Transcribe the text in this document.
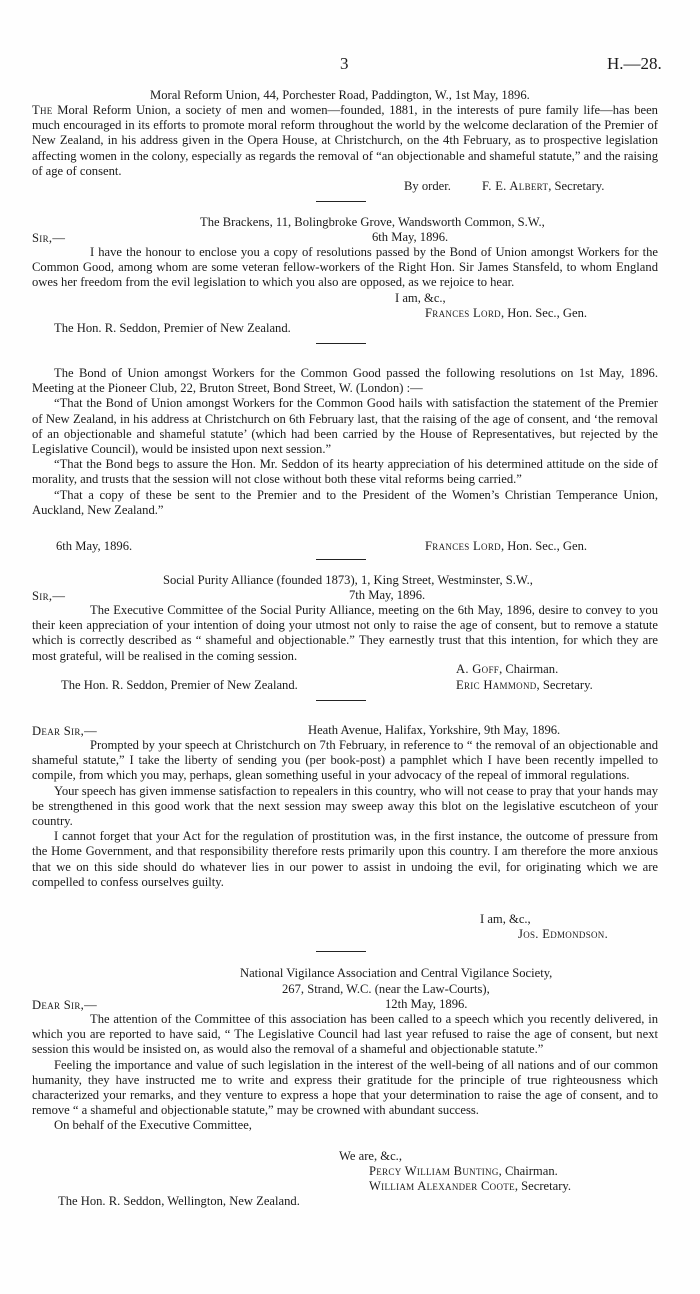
3	H.—28.
Moral Reform Union, 44, Porchester Road, Paddington, W., 1st May, 1896.

The Moral Reform Union, a society of men and women—founded, 1881, in the interests of pure family life—has been much encouraged in its efforts to promote moral reform throughout the world by the welcome declaration of the Premier of New Zealand, in his address given in the Opera House, at Christchurch, on the 4th February, as to prospective legislation affecting women in the colony, especially as regards the removal of “an objectionable and shameful statute,” and the raising of age of consent.

By order. F. E. Albert, Secretary.
The Brackens, 11, Bolingbroke Grove, Wandsworth Common, S.W.,
Sir,—	6th May, 1896.

I have the honour to enclose you a copy of resolutions passed by the Bond of Union amongst Workers for the Common Good, among whom are some veteran fellow-workers of the Right Hon. Sir James Stansfeld, to whom England owes her freedom from the evil legislation to which you also are opposed, as we rejoice to hear.

I am, &c.,
Frances Lord, Hon. Sec., Gen.
The Hon. R. Seddon, Premier of New Zealand.

The Bond of Union amongst Workers for the Common Good passed the following resolutions on 1st May, 1896. Meeting at the Pioneer Club, 22, Bruton Street, Bond Street, W. (London) :—

“That the Bond of Union amongst Workers for the Common Good hails with satisfaction the statement of the Premier of New Zealand, in his address at Christchurch on 6th February last, that the raising of the age of consent, and ‘the removal of an objectionable and shameful statute’ (which had been carried by the House of Representatives, but rejected by the Legislative Council), would be insisted upon next session.”

“That the Bond begs to assure the Hon. Mr. Seddon of its hearty appreciation of his determined attitude on the side of morality, and trusts that the session will not close without both these vital reforms being carried.”

“That a copy of these be sent to the Premier and to the President of the Women’s Christian Temperance Union, Auckland, New Zealand.”

6th May, 1896.	Frances Lord, Hon. Sec., Gen.
Social Purity Alliance (founded 1873), 1, King Street, Westminster, S.W.,
Sir,—	7th May, 1896.

The Executive Committee of the Social Purity Alliance, meeting on the 6th May, 1896, desire to convey to you their keen appreciation of your intention of doing your utmost not only to raise the age of consent, but to remove a statute which is correctly described as “ shameful and objectionable.” They earnestly trust that this intention, for which they are most grateful, will be realised in the coming session.

A. Goff, Chairman.
The Hon. R. Seddon, Premier of New Zealand.	Eric Hammond, Secretary.
Dear Sir,—	Heath Avenue, Halifax, Yorkshire, 9th May, 1896.

Prompted by your speech at Christchurch on 7th February, in reference to “ the removal of an objectionable and shameful statute,” I take the liberty of sending you (per book-post) a pamphlet which I have been recently impelled to compile, from which you may, perhaps, glean something useful in your advocacy of the repeal of immoral regulations.

Your speech has given immense satisfaction to repealers in this country, who will not cease to pray that your hands may be strengthened in this good work that the next session may sweep away this blot on the legislative escutcheon of your country.

I cannot forget that your Act for the regulation of prostitution was, in the first instance, the outcome of pressure from the Home Government, and that responsibility therefore rests primarily upon this country. I am therefore the more anxious that we on this side should do whatever lies in our power to assist in undoing the evil, for originating which we are compelled to confess ourselves guilty.

I am, &c.,
Jos. Edmondson.
National Vigilance Association and Central Vigilance Society,
267, Strand, W.C. (near the Law-Courts),
Dear Sir,—	12th May, 1896.

The attention of the Committee of this association has been called to a speech which you recently delivered, in which you are reported to have said, “ The Legislative Council had last year refused to raise the age of consent, but next session this would be insisted on, as would also the removal of a shameful and objectionable statute.”

Feeling the importance and value of such legislation in the interest of the well-being of all nations and of our common humanity, they have instructed me to write and express their gratitude for the principle of true righteousness which characterized your remarks, and they venture to express a hope that your determination to raise the age of consent, and to remove “ a shameful and objectionable statute,” may be crowned with abundant success.

On behalf of the Executive Committee,

We are, &c.,
Percy William Bunting, Chairman.
William Alexander Coote, Secretary.
The Hon. R. Seddon, Wellington, New Zealand.
